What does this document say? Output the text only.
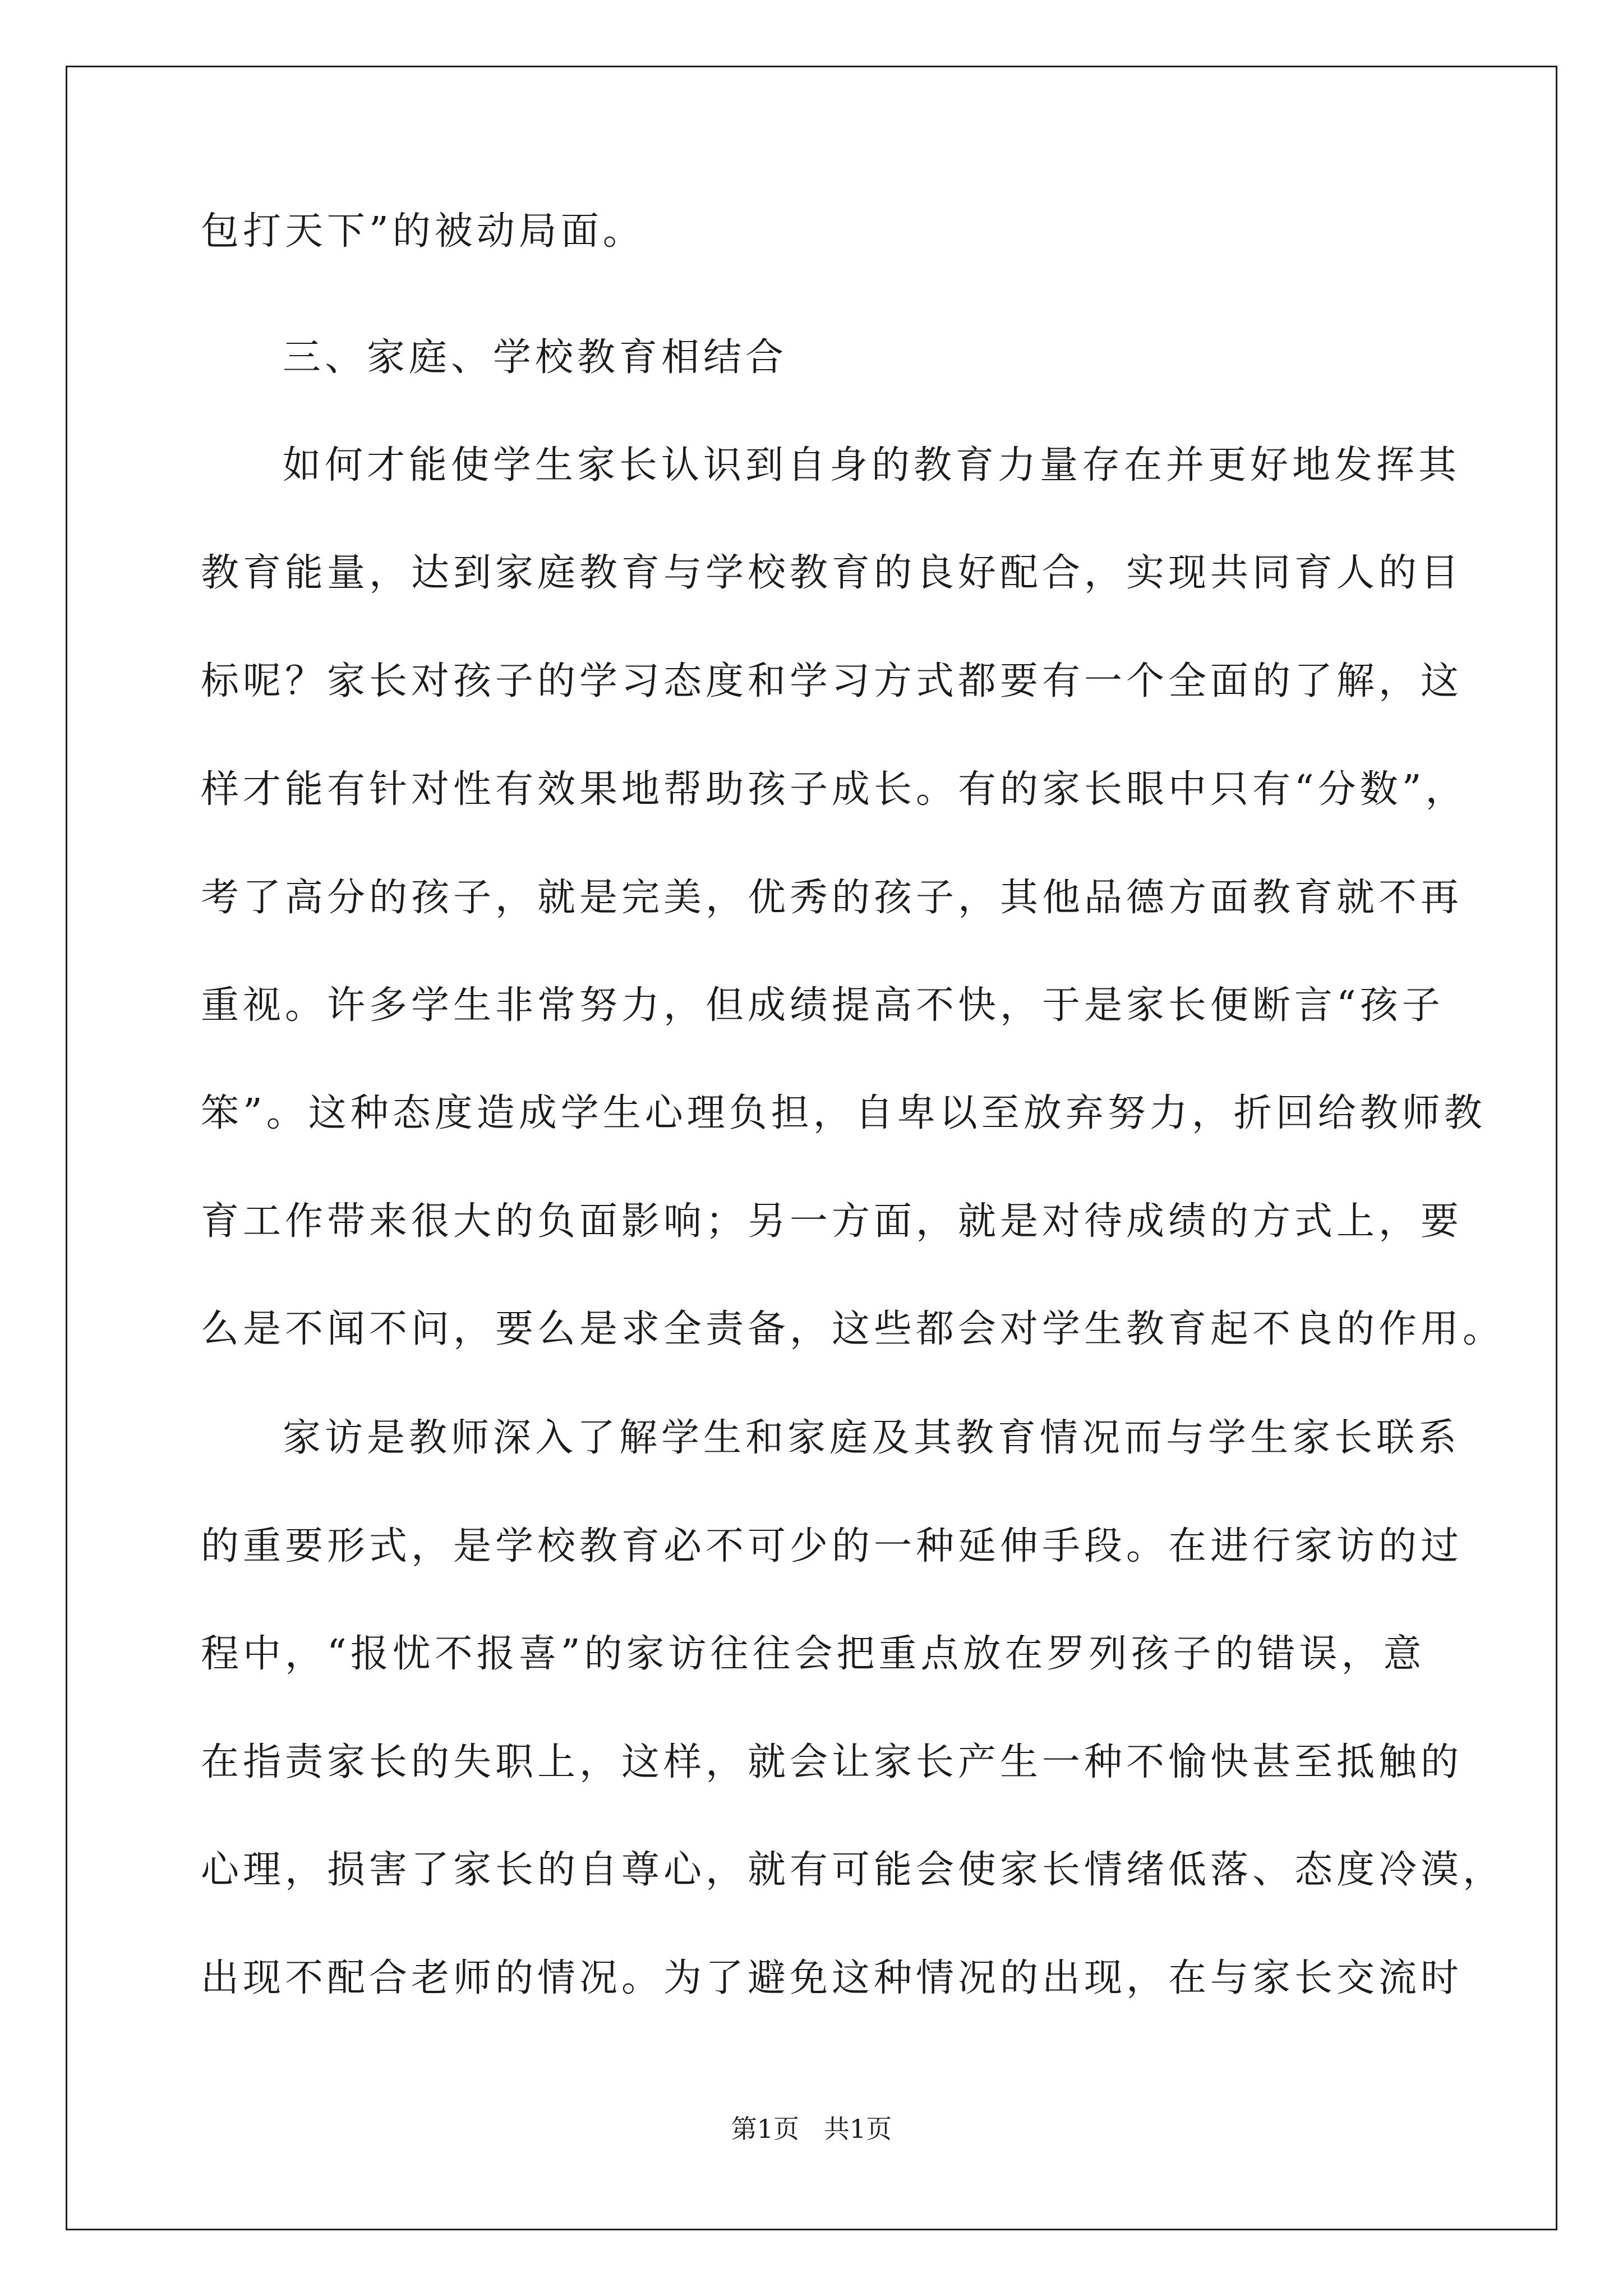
包打天下”的被动局面。
三、家庭、学校教育相结合
如何才能使学生家长认识到自身的教育力量存在并更好地发挥其
教育能量，达到家庭教育与学校教育的良好配合，实现共同育人的目
标呢？家长对孩子的学习态度和学习方式都要有一个全面的了解，这
样才能有针对性有效果地帮助孩子成长。有的家长眼中只有“分数”，
考了高分的孩子，就是完美，优秀的孩子，其他品德方面教育就不再
重视。许多学生非常努力，但成绩提高不快，于是家长便断言“孩子
笨”。这种态度造成学生心理负担，自卑以至放弃努力，折回给教师教
育工作带来很大的负面影响；另一方面，就是对待成绩的方式上，要
么是不闻不问，要么是求全责备，这些都会对学生教育起不良的作用。
家访是教师深入了解学生和家庭及其教育情况而与学生家长联系
的重要形式，是学校教育必不可少的一种延伸手段。在进行家访的过
程中，“报忧不报喜”的家访往往会把重点放在罗列孩子的错误，意
在指责家长的失职上，这样，就会让家长产生一种不愉快甚至抵触的
心理，损害了家长的自尊心，就有可能会使家长情绪低落、态度冷漠，
出现不配合老师的情况。为了避免这种情况的出现，在与家长交流时
第1页   共1页
